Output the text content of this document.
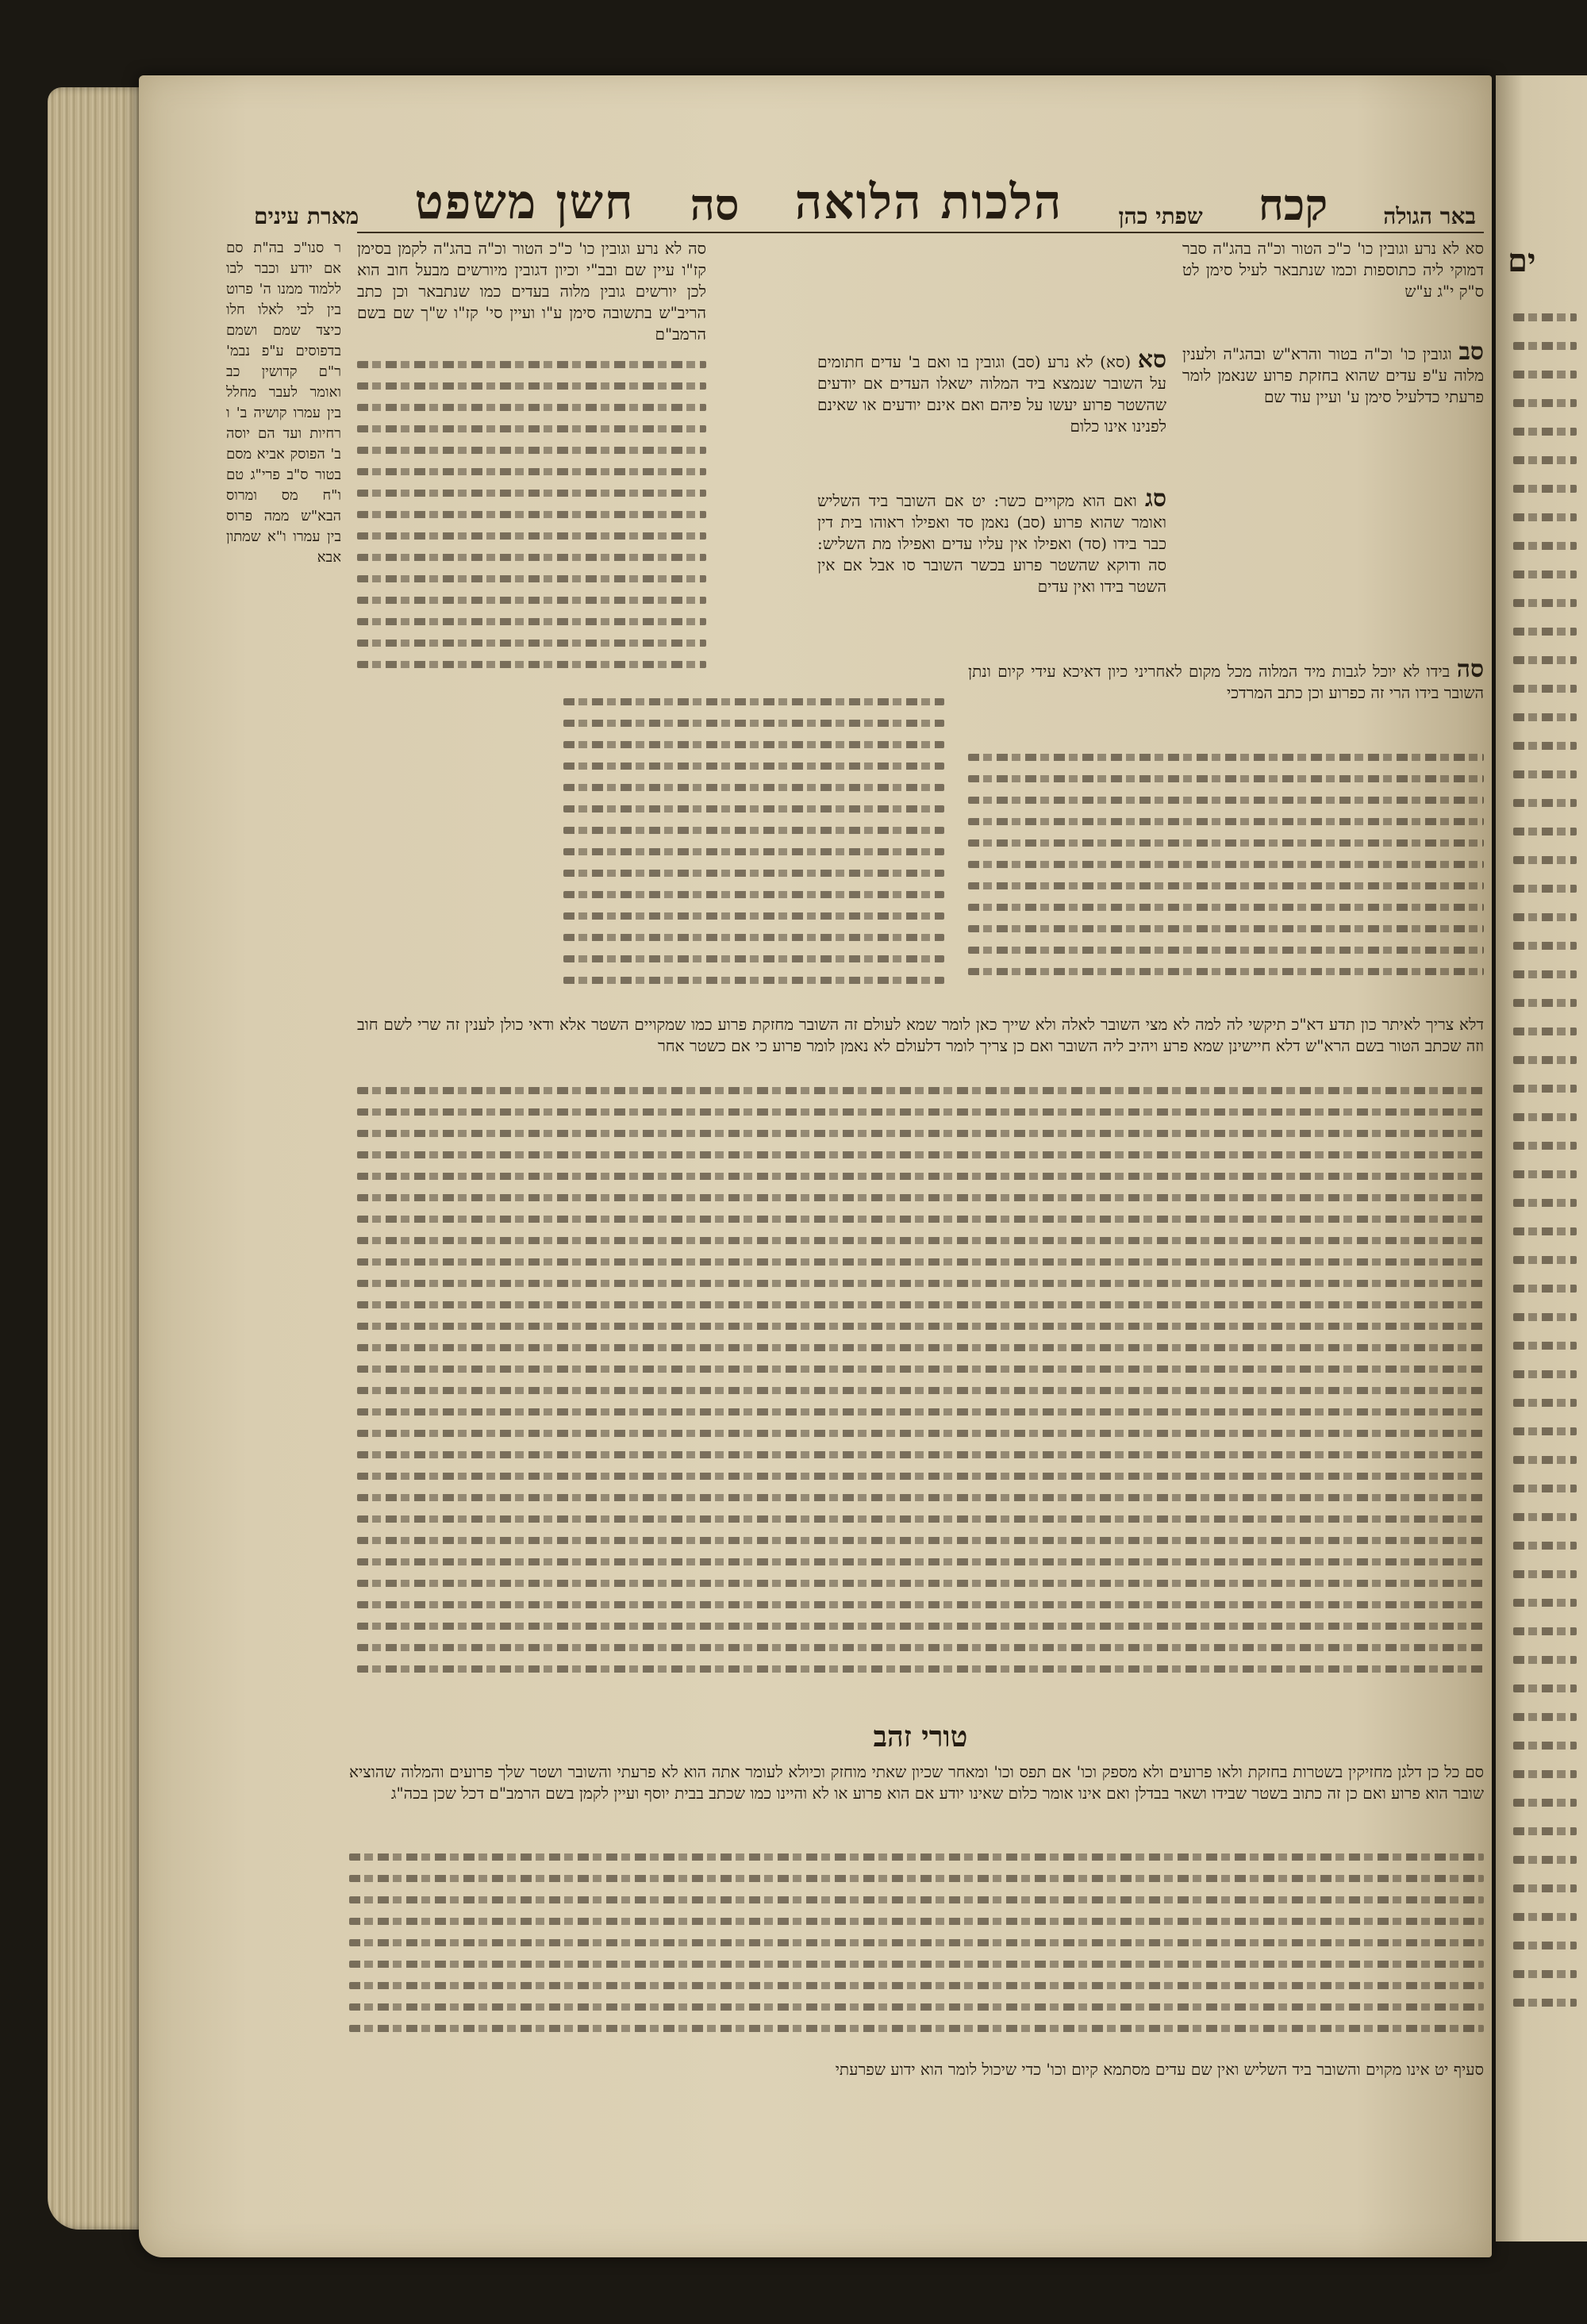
ים
מארת עינים חשן משפט סה הלכות הלואה	שפתי כהן קכח	באר הגולה
סה לא נרע וגובין כו' כ"כ הטור וכ"ה בהג"ה לקמן בסימן קז"ו עיין שם ובב"י וכיון דגובין מיורשים מבעל חוב הוא לכן יורשים גובין מלוה בעדים כמו שנתבאר וכן כתב הריב"ש בתשובה סימן ע"ו ועיין סי' קז"ו ש"ך שם בשם הרמב"ם
סא לא נרע וגובין כו' כ"כ הטור וכ"ה בהג"ה סבר דמוקי ליה כתוספות וכמו שנתבאר לעיל סימן לט ס"ק י"ג ע"ש
סא (סא) לא נרע (סב) וגובין בו ואם ב' עדים חתומים על השובר שנמצא ביד המלוה ישאלו העדים אם יודעים שהשטר פרוע יעשו על פיהם ואם אינם יודעים או שאינם לפנינו אינו כלום
סג ואם הוא מקויים כשר: יט אם השובר ביד השליש ואומר שהוא פרוע (סב) נאמן סד ואפילו ראוהו בית דין כבר בידו (סד) ואפילו אין עליו עדים ואפילו מת השליש: סה ודוקא שהשטר פרוע בכשר השובר סו אבל אם אין השטר בידו ואין עדים
סב וגובין כו' וכ"ה בטור והרא"ש ובהג"ה ולענין מלוה ע"פ עדים שהוא בחזקת פרוע שנאמן לומר פרעתי כדלעיל סימן ע' ועיין עוד שם
סה בידו לא יוכל לגבות מיד המלוה מכל מקום לאחריני כיון דאיכא עידי קיום ונתן השובר בידו הרי זה כפרוע וכן כתב המרדכי
ר סנו"כ בה"ת סם אם יודע וכבר לבו ללמוד ממנו ה' פרוט בין לבי לאלו חלו כיצד שמם ושמם בדפוסים ע"פ נבמ' ר"ם קדושין כב ואומר לעבר מחלל בין עמרו קושיה ב' ו רחיות ועד הם יוסה ב' הפוסק אביא מסם בטור ס"ב פרי"ג טם ו"ח מס ומרוס הבא"ש ממה פרוס בין עמרו ו"א שמתון אבא
דלא צריך לאיתר כון תדע דא"כ תיקשי לה למה לא מצי השובר לאלה ולא שייך כאן לומר שמא לעולם זה השובר מחזקת פרוע כמו שמקויים השטר אלא ודאי כולן לענין זה שרי לשם חוב וזה שכתב הטור בשם הרא"ש דלא חיישינן שמא פרע ויהיב ליה השובר ואם כן צריך לומר דלעולם לא נאמן לומר פרוע כי אם כשטר אחר
טורי זהב
סם כל כן דלגן מחזיקין בשטרות בחזקת ולאו פרועים ולא מספק וכו' אם תפס וכו' ומאחר שכיון שאתי מוחזק וכיולא לעומר אתה הוא לא פרעתי והשובר ושטר שלך פרועים והמלוה שהוציא שובר הוא פרוע ואם כן זה כתוב בשטר שבידו ושאר בבדלן ואם אינו אומר כלום שאינו יודע אם הוא פרוע או לא והיינו כמו שכתב בבית יוסף ועיין לקמן בשם הרמב"ם דכל שכן בכה"ג
סעיף יט אינו מקוים והשובר ביד השליש ואין שם עדים מסתמא קיום וכו' כדי שיכול לומר הוא ידוע שפרעתי
